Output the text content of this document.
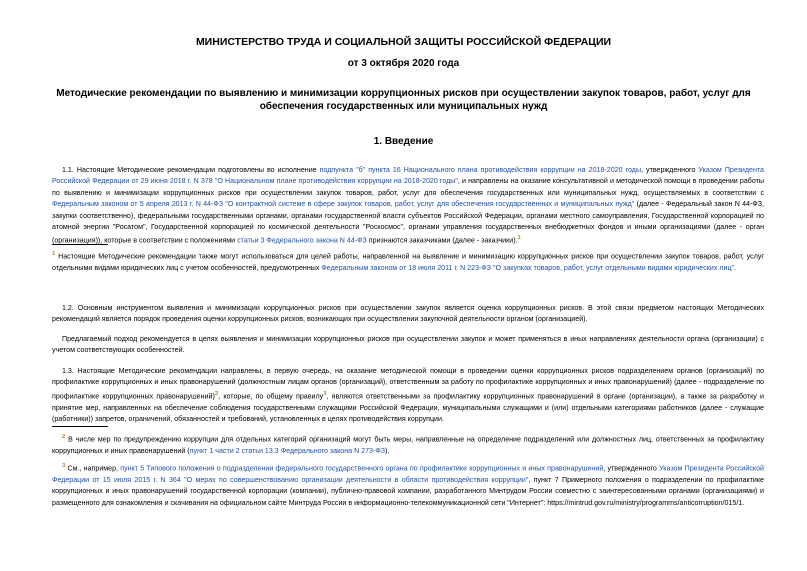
МИНИСТЕРСТВО ТРУДА И СОЦИАЛЬНОЙ ЗАЩИТЫ РОССИЙСКОЙ ФЕДЕРАЦИИ
от 3 октября 2020 года
Методические рекомендации по выявлению и минимизации коррупционных рисков при осуществлении закупок товаров, работ, услуг для обеспечения государственных или муниципальных нужд
1. Введение

1.1. Настоящие Методические рекомендации подготовлены во исполнение подпункта "б" пункта 16 Национального плана противодействия коррупции на 2018-2020 годы, утвержденного Указом Президента Российской Федерации от 29 июня 2018 г. N 378 "О Национальном плане противодействия коррупции на 2018-2020 годы", и направлены на оказание консультативной и методической помощи в проведении работы по выявлению и минимизации коррупционных рисков при осуществлении закупок товаров, работ, услуг для обеспечения государственных или муниципальных нужд, осуществляемых в соответствии с Федеральным законом от 5 апреля 2013 г. N 44-ФЗ "О контрактной системе в сфере закупок товаров, работ, услуг для обеспечения государственных и муниципальных нужд" (далее - Федеральный закон N 44-ФЗ, закупки соответственно), федеральными государственными органами, органами государственной власти субъектов Российской Федерации, органами местного самоуправления, Государственной корпорацией по атомной энергии "Росатом", Государственной корпорацией по космической деятельности "Роскосмос", органами управления государственных внебюджетных фондов и иными организациями (далее - орган (организация)), которые в соответствии с положениями статьи 3 Федерального закона N 44-ФЗ признаются заказчиками (далее - заказчики).$^1$

$^1$ Настоящие Методические рекомендации также могут использоваться для целей работы, направленной на выявление и минимизацию коррупционных рисков при осуществлении закупок товаров, работ, услуг отдельными видами юридических лиц с учетом особенностей, предусмотренных Федеральным законом от 18 июля 2011 г. N 223-ФЗ "О закупках товаров, работ, услуг отдельными видами юридических лиц".

1.2. Основным инструментом выявления и минимизации коррупционных рисков при осуществлении закупок является оценка коррупционных рисков. В этой связи предметом настоящих Методических рекомендаций является порядок проведения оценки коррупционных рисков, возникающих при осуществлении закупочной деятельности органом (организацией).

Предлагаемый подход рекомендуется в целях выявления и минимизации коррупционных рисков при осуществлении закупок и может применяться в иных направлениях деятельности органа (организации) с учетом соответствующих особенностей.

1.3. Настоящие Методические рекомендации направлены, в первую очередь, на оказание методической помощи в проведении оценки коррупционных рисков подразделением органов (организаций) по профилактике коррупционных и иных правонарушений (должностным лицам органов (организаций), ответственным за работу по профилактике коррупционных и иных правонарушений) (далее - подразделение по профилактике коррупционных правонарушений)$^2$, которые, по общему правилу$^3$, являются ответственными за профилактику коррупционных правонарушений в органе (организации), а также за разработку и принятие мер, направленных на обеспечение соблюдения государственными служащими Российской Федерации, муниципальными служащими и (или) отдельными категориями работников (далее - служащие (работники)) запретов, ограничений, обязанностей и требований, установленных в целях противодействия коррупции.

$^2$ В числе мер по предупреждению коррупции для отдельных категорий организаций могут быть меры, направленные на определение подразделений или должностных лиц, ответственных за профилактику коррупционных и иных правонарушений (пункт 1 части 2 статьи 13.3 Федерального закона N 273-ФЗ).

$^3$ См., например, пункт 5 Типового положения о подразделении федерального государственного органа по профилактике коррупционных и иных правонарушений, утвержденного Указом Президента Российской Федерации от 15 июля 2015 г. N 364 "О мерах по совершенствованию организации деятельности в области противодействия коррупции", пункт 7 Примерного положения о подразделении по профилактике коррупционных и иных правонарушений государственной корпорации (компании), публично-правовой компании, разработанного Минтрудом России совместно с заинтересованными органами (организациями) и размещенного для ознакомления и скачивания на официальном сайте Минтруда России в информационно-телекоммуникационной сети "Интернет": https://mintrud.gov.ru/ministry/programms/anticorruption/015/1.
